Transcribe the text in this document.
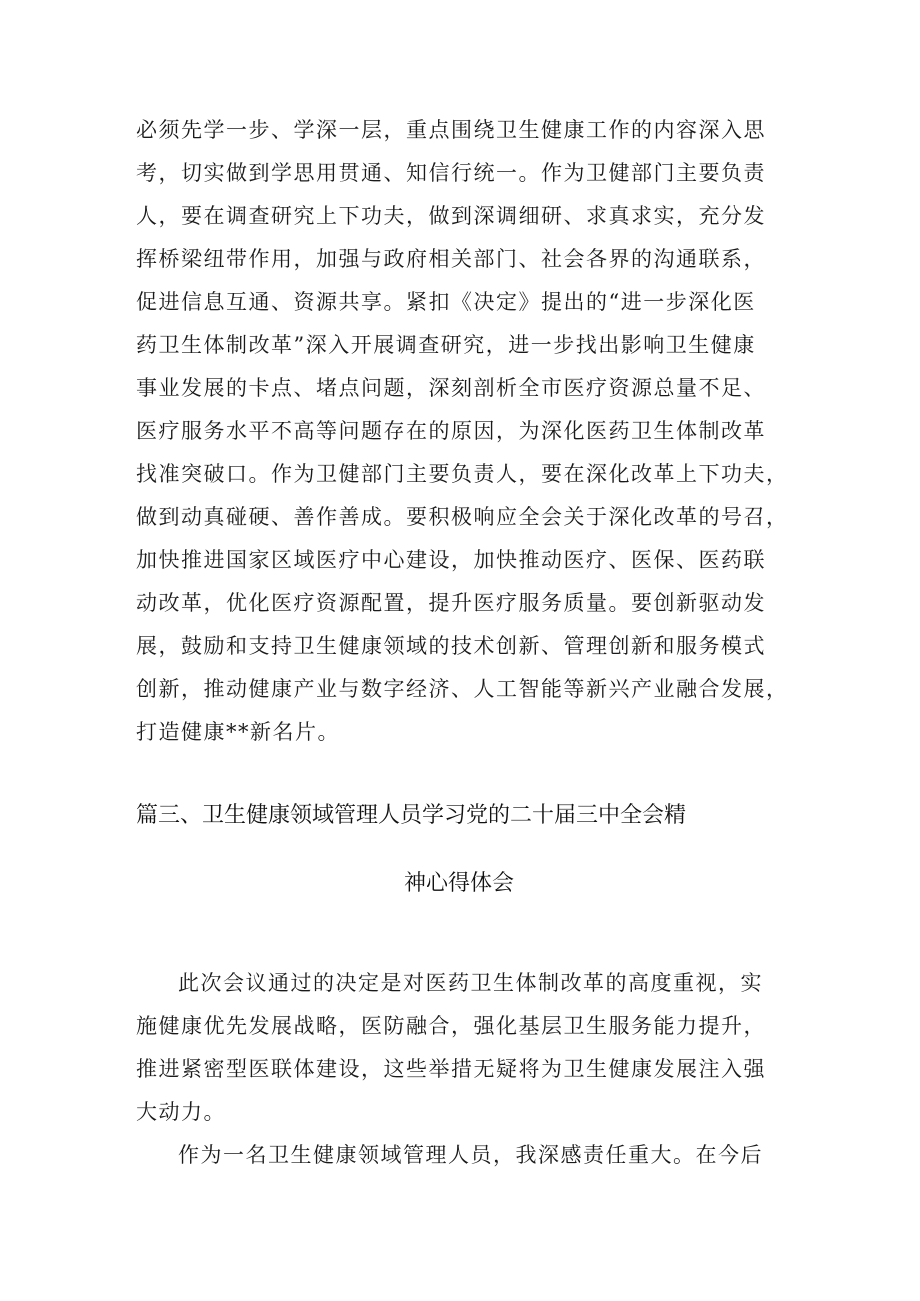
必须先学一步、学深一层，重点围绕卫生健康工作的内容深入思
考，切实做到学思用贯通、知信行统一。作为卫健部门主要负责
人，要在调查研究上下功夫，做到深调细研、求真求实，充分发
挥桥梁纽带作用，加强与政府相关部门、社会各界的沟通联系，
促进信息互通、资源共享。紧扣《决定》提出的“进一步深化医
药卫生体制改革”深入开展调查研究，进一步找出影响卫生健康
事业发展的卡点、堵点问题，深刻剖析全市医疗资源总量不足、
医疗服务水平不高等问题存在的原因，为深化医药卫生体制改革
找准突破口。作为卫健部门主要负责人，要在深化改革上下功夫，
做到动真碰硬、善作善成。要积极响应全会关于深化改革的号召，
加快推进国家区域医疗中心建设，加快推动医疗、医保、医药联
动改革，优化医疗资源配置，提升医疗服务质量。要创新驱动发
展，鼓励和支持卫生健康领域的技术创新、管理创新和服务模式
创新，推动健康产业与数字经济、人工智能等新兴产业融合发展，
打造健康**新名片。
篇三、卫生健康领域管理人员学习党的二十届三中全会精
神心得体会
此次会议通过的决定是对医药卫生体制改革的高度重视，实
施健康优先发展战略，医防融合，强化基层卫生服务能力提升，
推进紧密型医联体建设，这些举措无疑将为卫生健康发展注入强
大动力。
作为一名卫生健康领域管理人员，我深感责任重大。在今后
